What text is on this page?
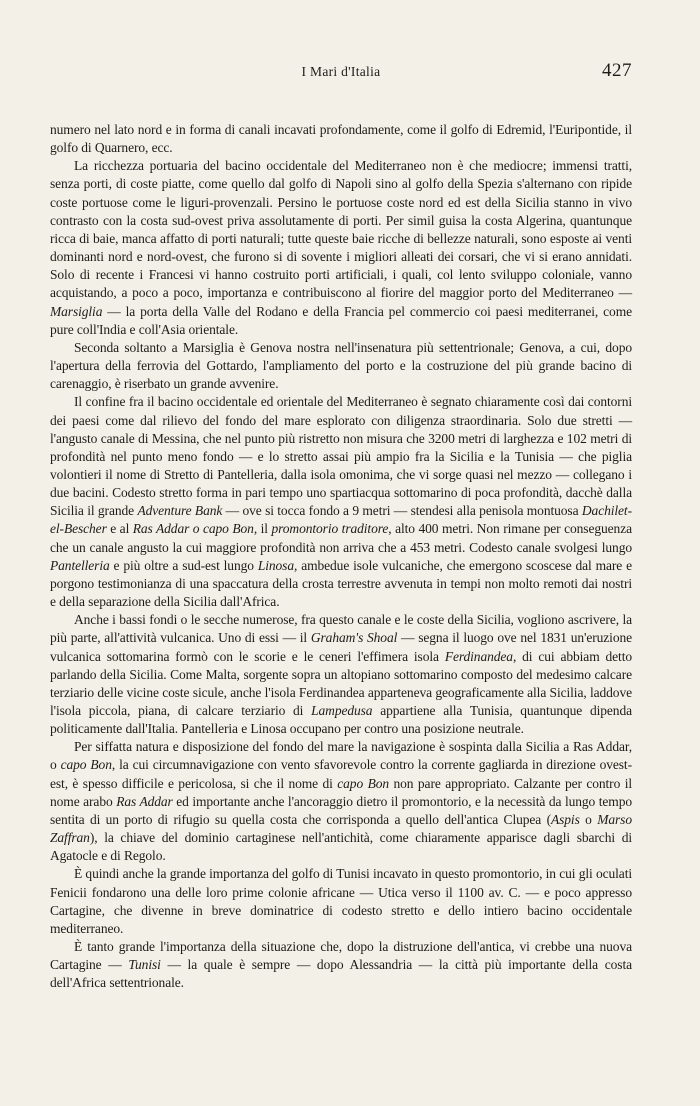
I Mari d'Italia	427

numero nel lato nord e in forma di canali incavati profondamente, come il golfo di Edremid, l'Euripontide, il golfo di Quarnero, ecc.

La ricchezza portuaria del bacino occidentale del Mediterraneo non è che mediocre; immensi tratti, senza porti, di coste piatte, come quello dal golfo di Napoli sino al golfo della Spezia s'alternano con ripide coste portuose come le liguri-provenzali. Persino le portuose coste nord ed est della Sicilia stanno in vivo contrasto con la costa sud-ovest priva assolutamente di porti. Per simil guisa la costa Algerina, quantunque ricca di baie, manca affatto di porti naturali; tutte queste baie ricche di bellezze naturali, sono esposte ai venti dominanti nord e nord-ovest, che furono si di sovente i migliori alleati dei corsari, che vi si erano annidati. Solo di recente i Francesi vi hanno costruito porti artificiali, i quali, col lento sviluppo coloniale, vanno acquistando, a poco a poco, importanza e contribuiscono al fiorire del maggior porto del Mediterraneo — Marsiglia — la porta della Valle del Rodano e della Francia pel commercio coi paesi mediterranei, come pure coll'India e coll'Asia orientale.

Seconda soltanto a Marsiglia è Genova nostra nell'insenatura più settentrionale; Genova, a cui, dopo l'apertura della ferrovia del Gottardo, l'ampliamento del porto e la costruzione del più grande bacino di carenaggio, è riserbato un grande avvenire.

Il confine fra il bacino occidentale ed orientale del Mediterraneo è segnato chiaramente così dai contorni dei paesi come dal rilievo del fondo del mare esplorato con diligenza straordinaria. Solo due stretti — l'angusto canale di Messina, che nel punto più ristretto non misura che 3200 metri di larghezza e 102 metri di profondità nel punto meno fondo — e lo stretto assai più ampio fra la Sicilia e la Tunisia — che piglia volontieri il nome di Stretto di Pantelleria, dalla isola omonima, che vi sorge quasi nel mezzo — collegano i due bacini. Codesto stretto forma in pari tempo uno spartiacqua sottomarino di poca profondità, dacchè dalla Sicilia il grande Adventure Bank — ove si tocca fondo a 9 metri — stendesi alla penisola montuosa Dachilet-el-Bescher e al Ras Addar o capo Bon, il promontorio traditore, alto 400 metri. Non rimane per conseguenza che un canale angusto la cui maggiore profondità non arriva che a 453 metri. Codesto canale svolgesi lungo Pantelleria e più oltre a sud-est lungo Linosa, ambedue isole vulcaniche, che emergono scoscese dal mare e porgono testimonianza di una spaccatura della crosta terrestre avvenuta in tempi non molto remoti dai nostri e della separazione della Sicilia dall'Africa.

Anche i bassi fondi o le secche numerose, fra questo canale e le coste della Sicilia, vogliono ascrivere, la più parte, all'attività vulcanica. Uno di essi — il Graham's Shoal — segna il luogo ove nel 1831 un'eruzione vulcanica sottomarina formò con le scorie e le ceneri l'effimera isola Ferdinandea, di cui abbiam detto parlando della Sicilia. Come Malta, sorgente sopra un altopiano sottomarino composto del medesimo calcare terziario delle vicine coste sicule, anche l'isola Ferdinandea apparteneva geograficamente alla Sicilia, laddove l'isola piccola, piana, di calcare terziario di Lampedusa appartiene alla Tunisia, quantunque dipenda politicamente dall'Italia. Pantelleria e Linosa occupano per contro una posizione neutrale.

Per siffatta natura e disposizione del fondo del mare la navigazione è sospinta dalla Sicilia a Ras Addar, o capo Bon, la cui circumnavigazione con vento sfavorevole contro la corrente gagliarda in direzione ovest-est, è spesso difficile e pericolosa, si che il nome di capo Bon non pare appropriato. Calzante per contro il nome arabo Ras Addar ed importante anche l'ancoraggio dietro il promontorio, e la necessità da lungo tempo sentita di un porto di rifugio su quella costa che corrisponda a quello dell'antica Clupea (Aspis o Marso Zaffran), la chiave del dominio cartaginese nell'antichità, come chiaramente apparisce dagli sbarchi di Agatocle e di Regolo.

È quindi anche la grande importanza del golfo di Tunisi incavato in questo promontorio, in cui gli oculati Fenicii fondarono una delle loro prime colonie africane — Utica verso il 1100 av. C. — e poco appresso Cartagine, che divenne in breve dominatrice di codesto stretto e dello intiero bacino occidentale mediterraneo.

È tanto grande l'importanza della situazione che, dopo la distruzione dell'antica, vi crebbe una nuova Cartagine — Tunisi — la quale è sempre — dopo Alessandria — la città più importante della costa dell'Africa settentrionale.
